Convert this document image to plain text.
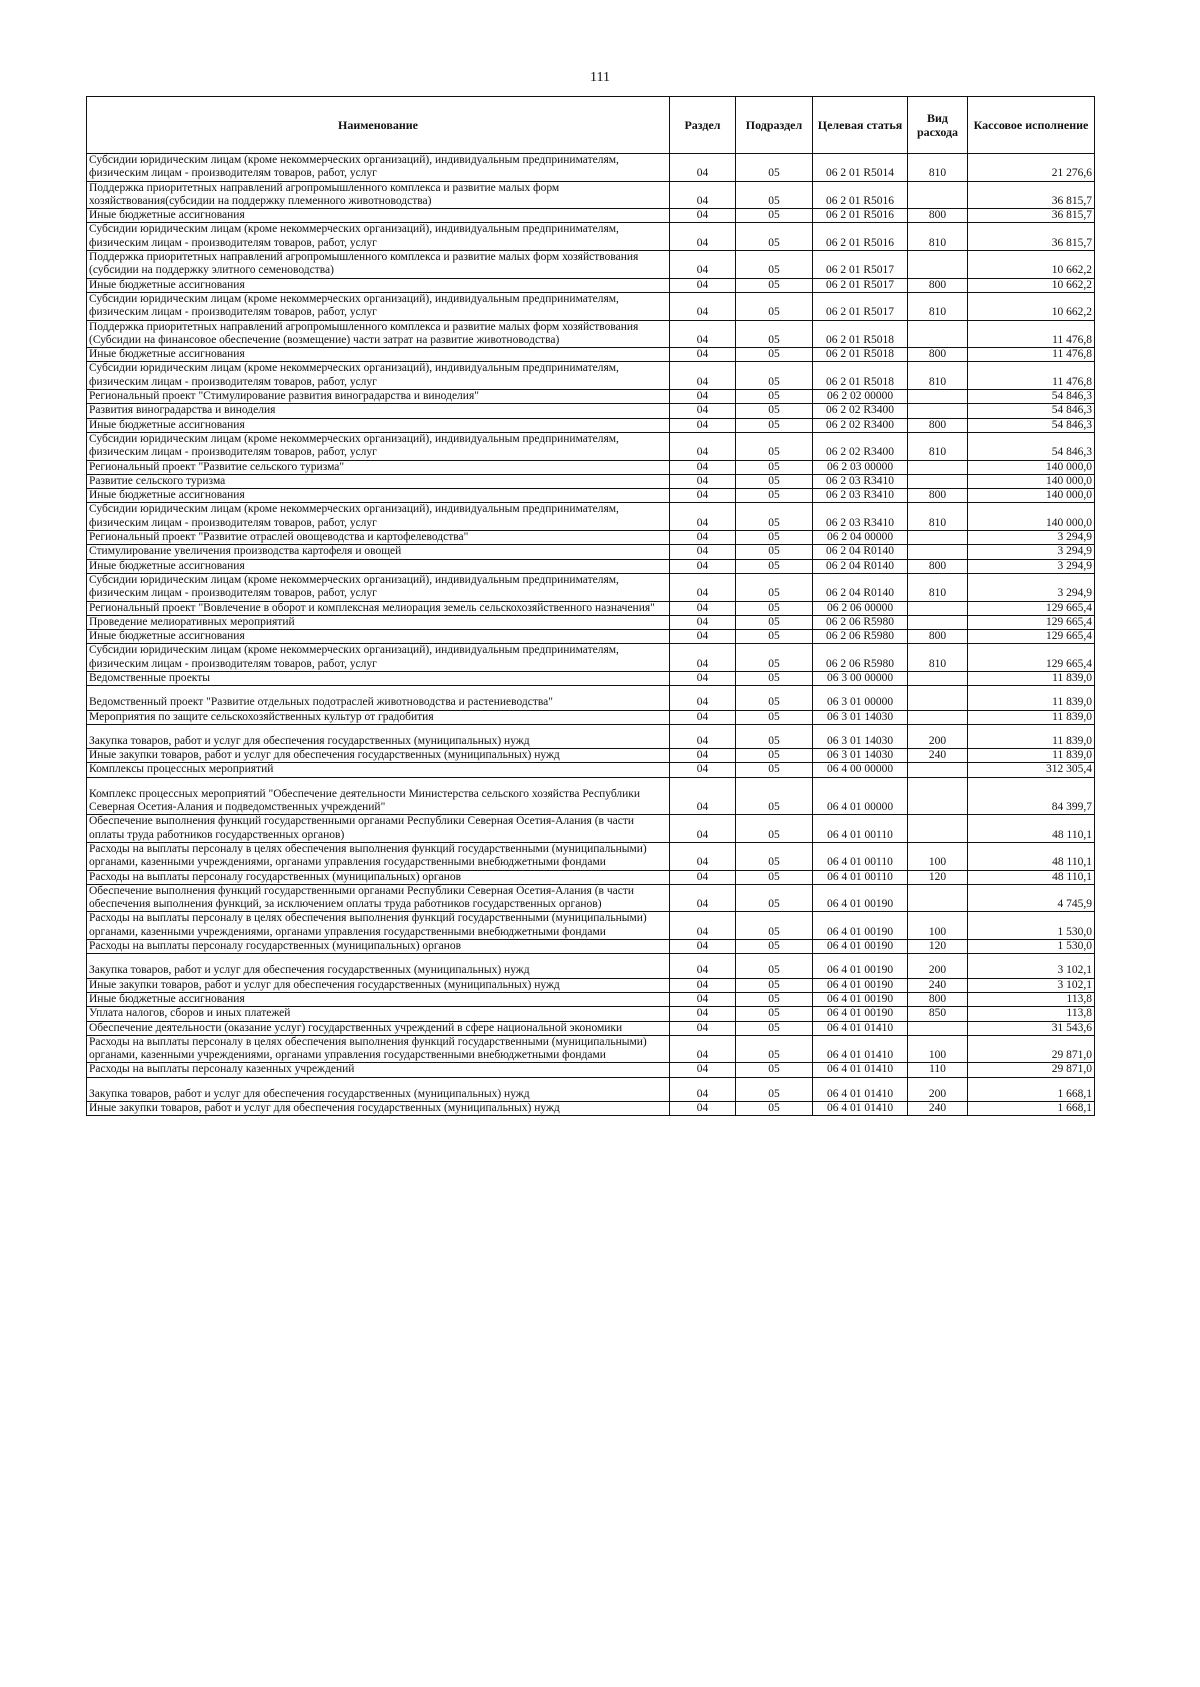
111
Наименование	Раздел	Подраздел	Целевая статья	Вид расхода	Кассовое исполнение
Субсидии юридическим лицам (кроме некоммерческих организаций), индивидуальным предпринимателям, физическим лицам - производителям товаров, работ, услуг	04	05	06 2 01 R5014	810	21 276,6
Поддержка приоритетных направлений агропромышленного комплекса и развитие малых форм хозяйствования(субсидии на поддержку племенного животноводства)	04	05	06 2 01 R5016		36 815,7
Иные бюджетные ассигнования	04	05	06 2 01 R5016	800	36 815,7
Субсидии юридическим лицам (кроме некоммерческих организаций), индивидуальным предпринимателям, физическим лицам - производителям товаров, работ, услуг	04	05	06 2 01 R5016	810	36 815,7
Поддержка приоритетных направлений агропромышленного комплекса и развитие малых форм хозяйствования (субсидии на поддержку элитного семеноводства)	04	05	06 2 01 R5017		10 662,2
Иные бюджетные ассигнования	04	05	06 2 01 R5017	800	10 662,2
Субсидии юридическим лицам (кроме некоммерческих организаций), индивидуальным предпринимателям, физическим лицам - производителям товаров, работ, услуг	04	05	06 2 01 R5017	810	10 662,2
Поддержка приоритетных направлений агропромышленного комплекса и развитие малых форм хозяйствования (Субсидии на финансовое обеспечение (возмещение) части затрат на развитие животноводства)	04	05	06 2 01 R5018		11 476,8
Иные бюджетные ассигнования	04	05	06 2 01 R5018	800	11 476,8
Субсидии юридическим лицам (кроме некоммерческих организаций), индивидуальным предпринимателям, физическим лицам - производителям товаров, работ, услуг	04	05	06 2 01 R5018	810	11 476,8
Региональный проект "Стимулирование развития виноградарства и виноделия"	04	05	06 2 02 00000		54 846,3
Развития виноградарства и виноделия	04	05	06 2 02 R3400		54 846,3
Иные бюджетные ассигнования	04	05	06 2 02 R3400	800	54 846,3
Субсидии юридическим лицам (кроме некоммерческих организаций), индивидуальным предпринимателям, физическим лицам - производителям товаров, работ, услуг	04	05	06 2 02 R3400	810	54 846,3
Региональный проект "Развитие сельского туризма"	04	05	06 2 03 00000		140 000,0
Развитие сельского туризма	04	05	06 2 03 R3410		140 000,0
Иные бюджетные ассигнования	04	05	06 2 03 R3410	800	140 000,0
Субсидии юридическим лицам (кроме некоммерческих организаций), индивидуальным предпринимателям, физическим лицам - производителям товаров, работ, услуг	04	05	06 2 03 R3410	810	140 000,0
Региональный проект "Развитие отраслей овощеводства и картофелеводства"	04	05	06 2 04 00000		3 294,9
Стимулирование увеличения производства картофеля и овощей	04	05	06 2 04 R0140		3 294,9
Иные бюджетные ассигнования	04	05	06 2 04 R0140	800	3 294,9
Субсидии юридическим лицам (кроме некоммерческих организаций), индивидуальным предпринимателям, физическим лицам - производителям товаров, работ, услуг	04	05	06 2 04 R0140	810	3 294,9
Региональный проект "Вовлечение в оборот и комплексная мелиорация земель сельскохозяйственного назначения"	04	05	06 2 06 00000		129 665,4
Проведение мелиоративных мероприятий	04	05	06 2 06 R5980		129 665,4
Иные бюджетные ассигнования	04	05	06 2 06 R5980	800	129 665,4
Субсидии юридическим лицам (кроме некоммерческих организаций), индивидуальным предпринимателям, физическим лицам - производителям товаров, работ, услуг	04	05	06 2 06 R5980	810	129 665,4
Ведомственные проекты	04	05	06 3 00 00000		11 839,0
Ведомственный проект "Развитие отдельных подотраслей животноводства и растениеводства"	04	05	06 3 01 00000		11 839,0
Мероприятия по защите сельскохозяйственных культур от градобития	04	05	06 3 01 14030		11 839,0
Закупка товаров, работ и услуг для обеспечения государственных (муниципальных) нужд	04	05	06 3 01 14030	200	11 839,0
Иные закупки товаров, работ и услуг для обеспечения государственных (муниципальных) нужд	04	05	06 3 01 14030	240	11 839,0
Комплексы процессных мероприятий	04	05	06 4 00 00000		312 305,4
Комплекс процессных мероприятий "Обеспечение деятельности Министерства сельского хозяйства Республики Северная Осетия-Алания и подведомственных учреждений"	04	05	06 4 01 00000		84 399,7
Обеспечение выполнения функций государственными органами Республики Северная Осетия-Алания (в части оплаты труда работников государственных органов)	04	05	06 4 01 00110		48 110,1
Расходы на выплаты персоналу в целях обеспечения выполнения функций государственными (муниципальными) органами, казенными учреждениями, органами управления государственными внебюджетными фондами	04	05	06 4 01 00110	100	48 110,1
Расходы на выплаты персоналу государственных (муниципальных) органов	04	05	06 4 01 00110	120	48 110,1
Обеспечение выполнения функций государственными органами Республики Северная Осетия-Алания (в части обеспечения выполнения функций, за исключением оплаты труда работников государственных органов)	04	05	06 4 01 00190		4 745,9
Расходы на выплаты персоналу в целях обеспечения выполнения функций государственными (муниципальными) органами, казенными учреждениями, органами управления государственными внебюджетными фондами	04	05	06 4 01 00190	100	1 530,0
Расходы на выплаты персоналу государственных (муниципальных) органов	04	05	06 4 01 00190	120	1 530,0
Закупка товаров, работ и услуг для обеспечения государственных (муниципальных) нужд	04	05	06 4 01 00190	200	3 102,1
Иные закупки товаров, работ и услуг для обеспечения государственных (муниципальных) нужд	04	05	06 4 01 00190	240	3 102,1
Иные бюджетные ассигнования	04	05	06 4 01 00190	800	113,8
Уплата налогов, сборов и иных платежей	04	05	06 4 01 00190	850	113,8
Обеспечение деятельности (оказание услуг) государственных учреждений в сфере национальной экономики	04	05	06 4 01 01410		31 543,6
Расходы на выплаты персоналу в целях обеспечения выполнения функций государственными (муниципальными) органами, казенными учреждениями, органами управления государственными внебюджетными фондами	04	05	06 4 01 01410	100	29 871,0
Расходы на выплаты персоналу казенных учреждений	04	05	06 4 01 01410	110	29 871,0
Закупка товаров, работ и услуг для обеспечения государственных (муниципальных) нужд	04	05	06 4 01 01410	200	1 668,1
Иные закупки товаров, работ и услуг для обеспечения государственных (муниципальных) нужд	04	05	06 4 01 01410	240	1 668,1
